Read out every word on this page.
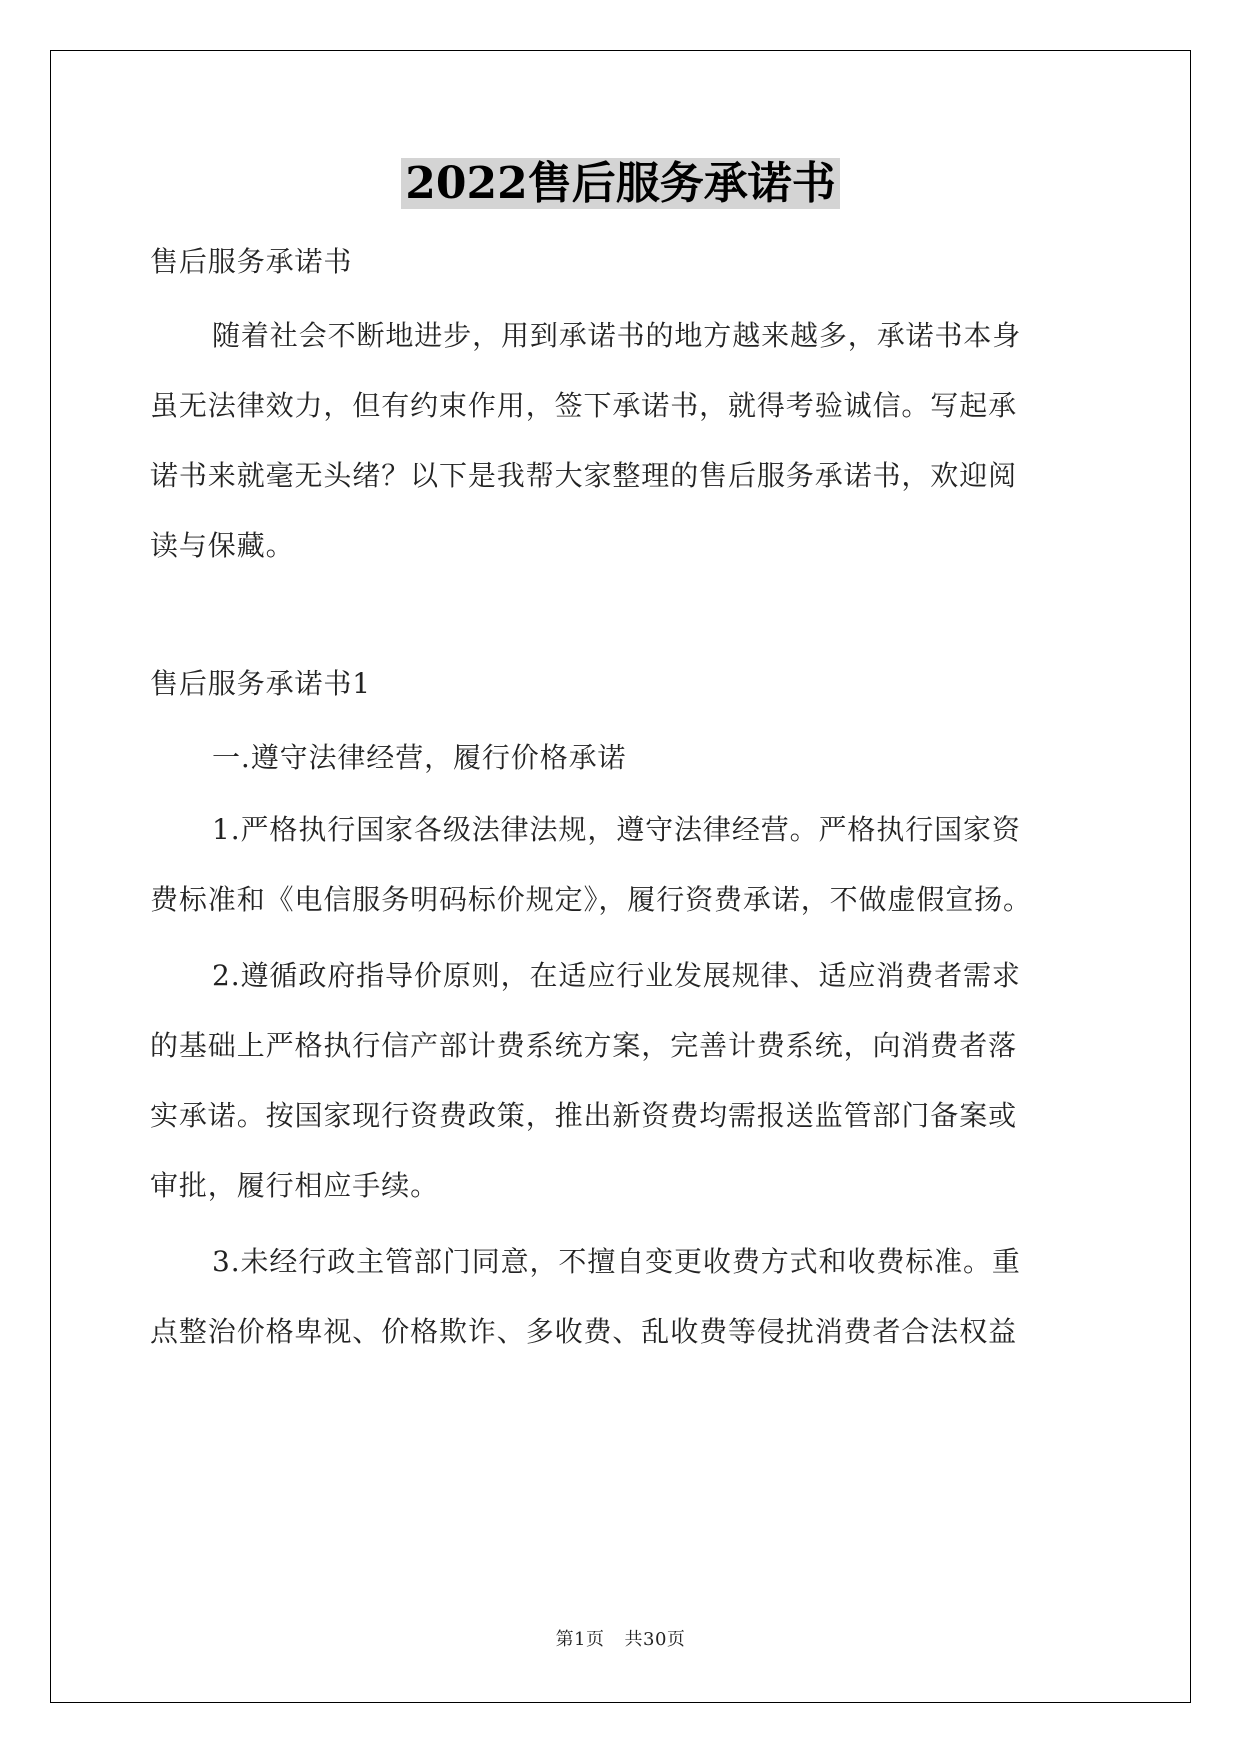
2022售后服务承诺书
售后服务承诺书
随着社会不断地进步，用到承诺书的地方越来越多，承诺书本身
虽无法律效力，但有约束作用，签下承诺书，就得考验诚信。写起承
诺书来就毫无头绪？以下是我帮大家整理的售后服务承诺书，欢迎阅
读与保藏。
售后服务承诺书1
一.遵守法律经营，履行价格承诺
1.严格执行国家各级法律法规，遵守法律经营。严格执行国家资
费标准和《电信服务明码标价规定》，履行资费承诺，不做虚假宣扬。
2.遵循政府指导价原则，在适应行业发展规律、适应消费者需求
的基础上严格执行信产部计费系统方案，完善计费系统，向消费者落
实承诺。按国家现行资费政策，推出新资费均需报送监管部门备案或
审批，履行相应手续。
3.未经行政主管部门同意，不擅自变更收费方式和收费标准。重
点整治价格卑视、价格欺诈、多收费、乱收费等侵扰消费者合法权益
第1页 共30页
